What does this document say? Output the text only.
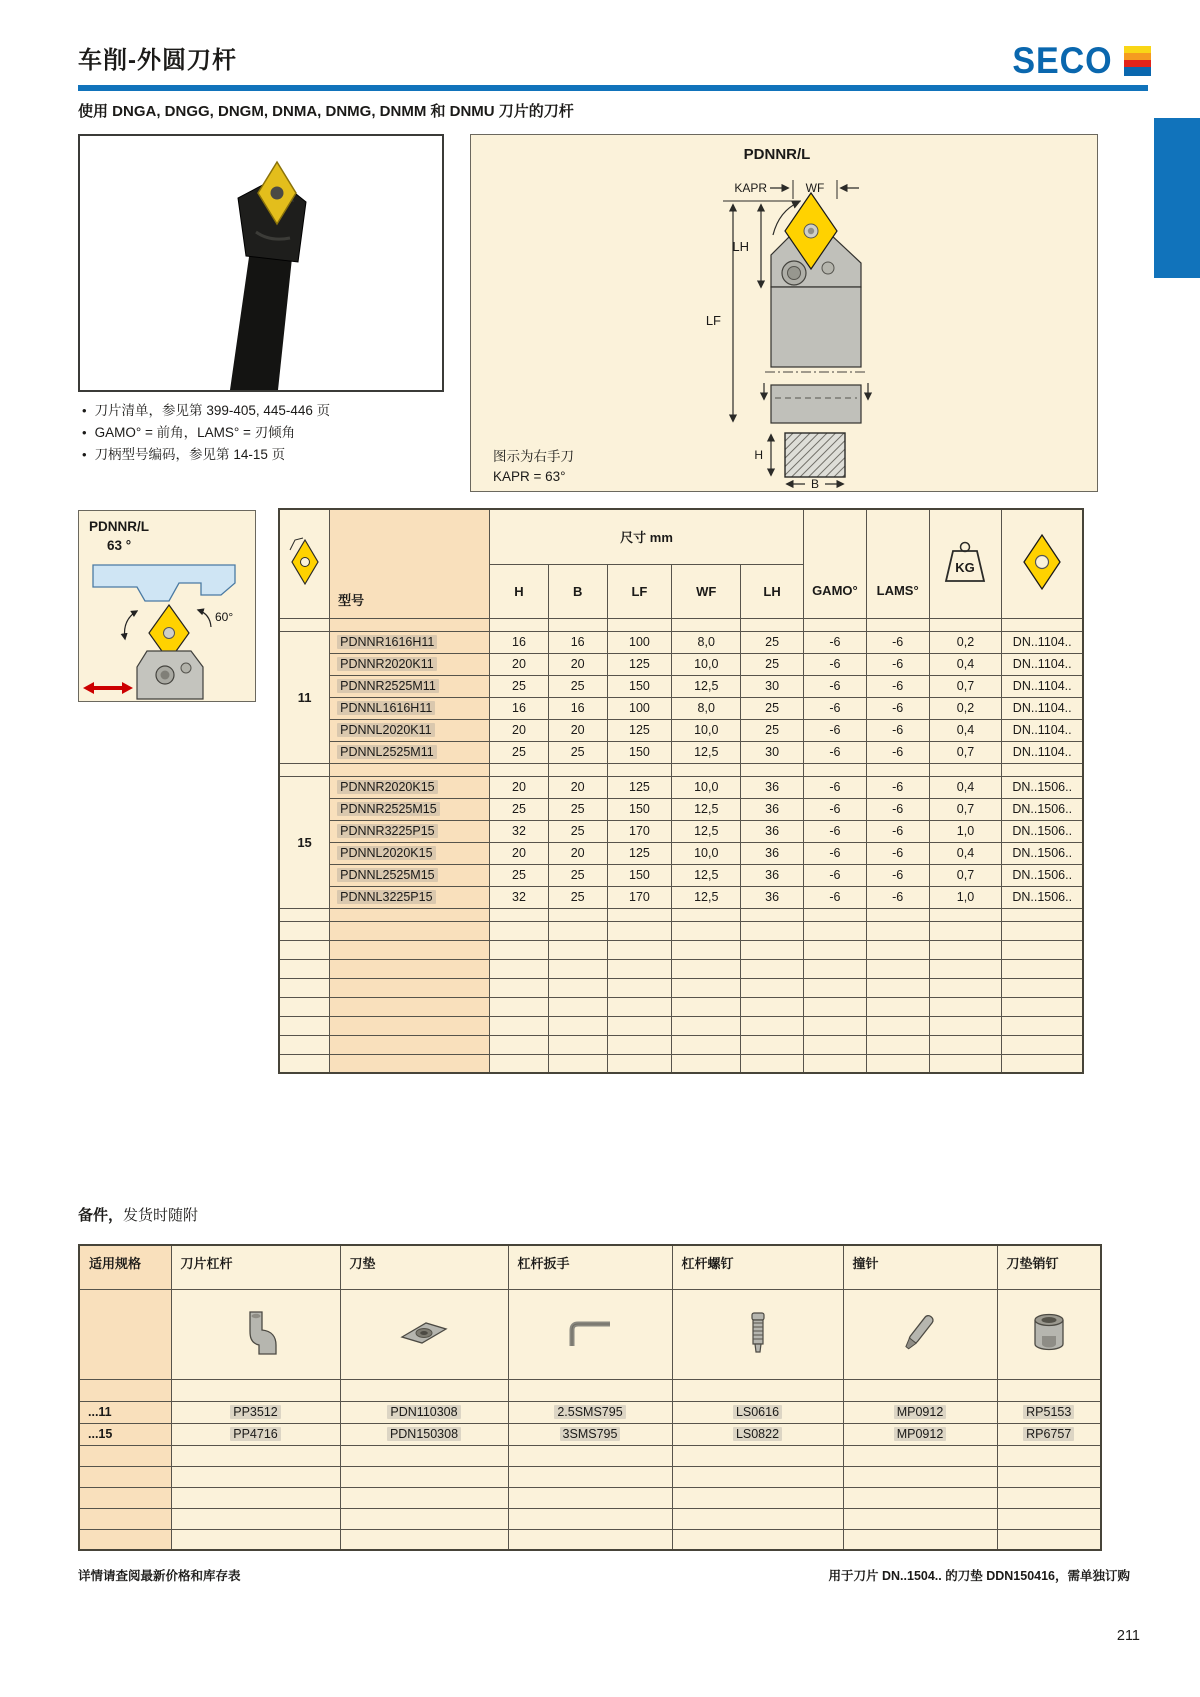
车削-外圆刀杆	SECO
使用 DNGA, DNGG, DNGM, DNMA, DNMG, DNMM 和 DNMU 刀片的刀杆
• 刀片清单，参见第 399-405, 445-446 页
• GAMO° = 前角，LAMS° = 刃倾角
• 刀柄型号编码，参见第 14-15 页
PDNNR/L
KAPR	WF
LH
LF
H
B
图示为右手刀
KAPR = 63°
PDNNR/L
63 °
60°
	型号	尺寸 mm					GAMO°	LAMS°	KG

		H	B	LF	WF	LH				

11	PDNNR1616H11	16	16	100	8,0	25	-6	-6	0,2	DN..1104..
	PDNNR2020K11	20	20	125	10,0	25	-6	-6	0,4	DN..1104..
	PDNNR2525M11	25	25	150	12,5	30	-6	-6	0,7	DN..1104..
	PDNNL1616H11	16	16	100	8,0	25	-6	-6	0,2	DN..1104..
	PDNNL2020K11	20	20	125	10,0	25	-6	-6	0,4	DN..1104..
	PDNNL2525M11	25	25	150	12,5	30	-6	-6	0,7	DN..1104..

15	PDNNR2020K15	20	20	125	10,0	36	-6	-6	0,4	DN..1506..
	PDNNR2525M15	25	25	150	12,5	36	-6	-6	0,7	DN..1506..
	PDNNR3225P15	32	25	170	12,5	36	-6	-6	1,0	DN..1506..
	PDNNL2020K15	20	20	125	10,0	36	-6	-6	0,4	DN..1506..
	PDNNL2525M15	25	25	150	12,5	36	-6	-6	0,7	DN..1506..
	PDNNL3225P15	32	25	170	12,5	36	-6	-6	1,0	DN..1506..

备件，发货时随附
适用规格	刀片杠杆	刀垫	杠杆扳手	杠杆螺钉	撞针	刀垫销钉

...11	PP3512	PDN110308	2.5SMS795	LS0616	MP0912	RP5153
...15	PP4716	PDN150308	3SMS795	LS0822	MP0912	RP6757

详情请查阅最新价格和库存表	用于刀片 DN..1504.. 的刀垫 DDN150416，需单独订购
211
